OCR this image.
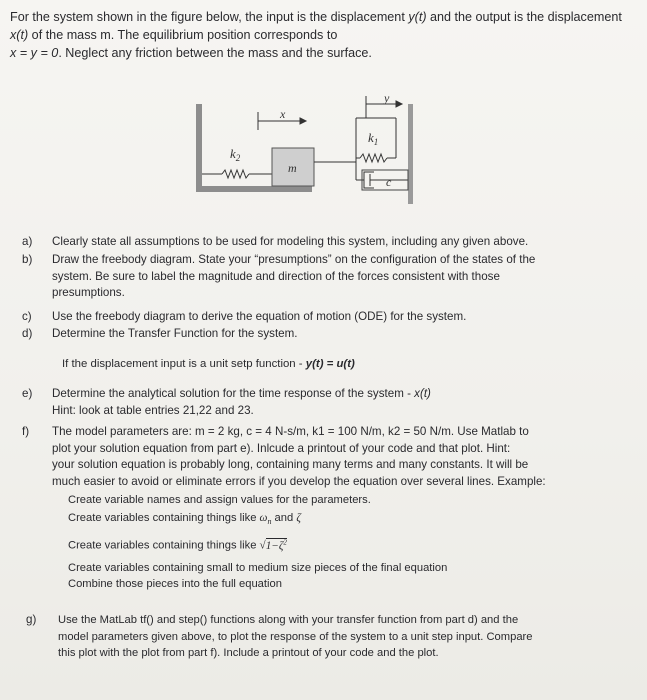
For the system shown in the figure below, the input is the displacement y(t) and the output is the displacement x(t) of the mass m. The equilibrium position corresponds to
x = y = 0. Neglect any friction between the mass and the surface.
$k_2$
m
x
y
$k_1$
c
a)	Clearly state all assumptions to be used for modeling this system, including any given above.
b)	Draw the freebody diagram. State your “presumptions” on the configuration of the states of the
system. Be sure to label the magnitude and direction of the forces consistent with those
presumptions.
c)	Use the freebody diagram to derive the equation of motion (ODE) for the system.
d)	Determine the Transfer Function for the system.
If the displacement input is a unit setp function - y(t) = u(t)
e)	Determine the analytical solution for the time response of the system - x(t)
Hint: look at table entries 21,22 and 23.
f)	The model parameters are: m = 2 kg, c = 4 N-s/m, k1 = 100 N/m, k2 = 50 N/m. Use Matlab to
plot your solution equation from part e). Inlcude a printout of your code and that plot. Hint:
your solution equation is probably long, containing many terms and many constants. It will be
much easier to avoid or eliminate errors if you develop the equation over several lines. Example:
Create variable names and assign values for the parameters.
Create variables containing things like $\omega_n$ and ζ
Create variables containing things like $√1-\zeta^2$
Create variables containing small to medium size pieces of the final equation
Combine those pieces into the full equation
g)	Use the MatLab tf() and step() functions along with your transfer function from part d) and the
model parameters given above, to plot the response of the system to a unit step input. Compare
this plot with the plot from part f). Include a printout of your code and the plot.
